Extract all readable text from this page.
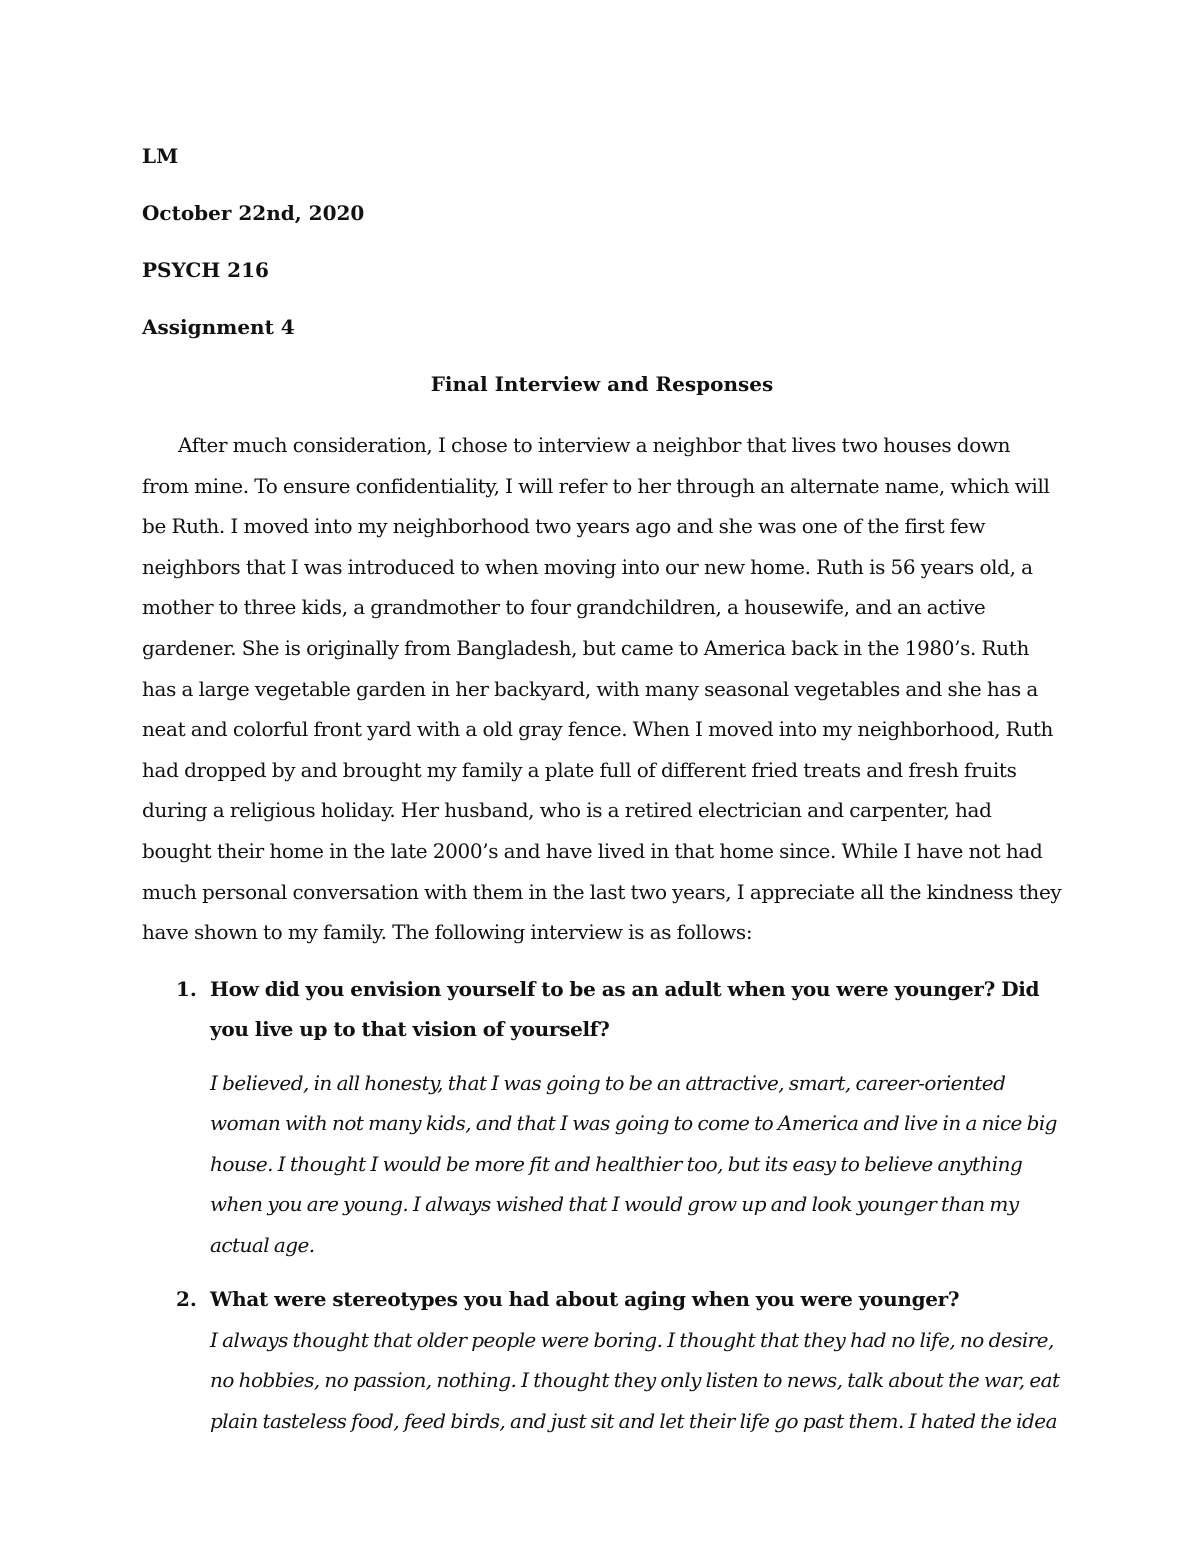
LM
October 22nd, 2020
PSYCH 216
Assignment 4
Final Interview and Responses

After much consideration, I chose to interview a neighbor that lives two houses down from mine. To ensure confidentiality, I will refer to her through an alternate name, which will be Ruth. I moved into my neighborhood two years ago and she was one of the first few neighbors that I was introduced to when moving into our new home. Ruth is 56 years old, a mother to three kids, a grandmother to four grandchildren, a housewife, and an active gardener. She is originally from Bangladesh, but came to America back in the 1980’s. Ruth has a large vegetable garden in her backyard, with many seasonal vegetables and she has a neat and colorful front yard with a old gray fence. When I moved into my neighborhood, Ruth had dropped by and brought my family a plate full of different fried treats and fresh fruits during a religious holiday. Her husband, who is a retired electrician and carpenter, had bought their home in the late 2000’s and have lived in that home since. While I have not had much personal conversation with them in the last two years, I appreciate all the kindness they have shown to my family. The following interview is as follows:

1. How did you envision yourself to be as an adult when you were younger? Did you live up to that vision of yourself?
I believed, in all honesty, that I was going to be an attractive, smart, career-oriented woman with not many kids, and that I was going to come to America and live in a nice big house. I thought I would be more fit and healthier too, but its easy to believe anything when you are young. I always wished that I would grow up and look younger than my actual age.
2. What were stereotypes you had about aging when you were younger?
I always thought that older people were boring. I thought that they had no life, no desire, no hobbies, no passion, nothing. I thought they only listen to news, talk about the war, eat plain tasteless food, feed birds, and just sit and let their life go past them. I hated the idea
